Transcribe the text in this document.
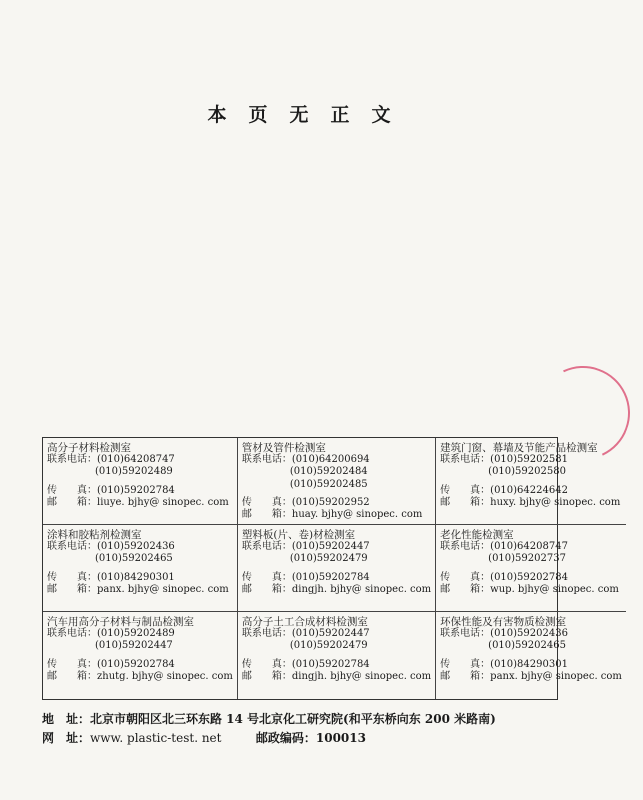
本页无正文
高分子材料检测室
联系电话：(010)64208747
(010)59202489
传　　真：(010)59202784
邮　　箱：liuye. bjhy@ sinopec. com
管材及管件检测室
联系电话：(010)64200694
(010)59202484
(010)59202485
传　　真：(010)59202952
邮　　箱：huay. bjhy@ sinopec. com
建筑门窗、幕墙及节能产品检测室
联系电话：(010)59202581
(010)59202580
传　　真：(010)64224642
邮　　箱：huxy. bjhy@ sinopec. com
涂料和胶粘剂检测室
联系电话：(010)59202436
(010)59202465
传　　真：(010)84290301
邮　　箱：panx. bjhy@ sinopec. com
塑料板(片、卷)材检测室
联系电话：(010)59202447
(010)59202479
传　　真：(010)59202784
邮　　箱：dingjh. bjhy@ sinopec. com
老化性能检测室
联系电话：(010)64208747
(010)59202737
传　　真：(010)59202784
邮　　箱：wup. bjhy@ sinopec. com
汽车用高分子材料与制品检测室
联系电话：(010)59202489
(010)59202447
传　　真：(010)59202784
邮　　箱：zhutg. bjhy@ sinopec. com
高分子土工合成材料检测室
联系电话：(010)59202447
(010)59202479
传　　真：(010)59202784
邮　　箱：dingjh. bjhy@ sinopec. com
环保性能及有害物质检测室
联系电话：(010)59202436
(010)59202465
传　　真：(010)84290301
邮　　箱：panx. bjhy@ sinopec. com
地　址：北京市朝阳区北三环东路 14 号北京化工研究院(和平东桥向东 200 米路南)
网　址：www. plastic-test. net	邮政编码：100013
